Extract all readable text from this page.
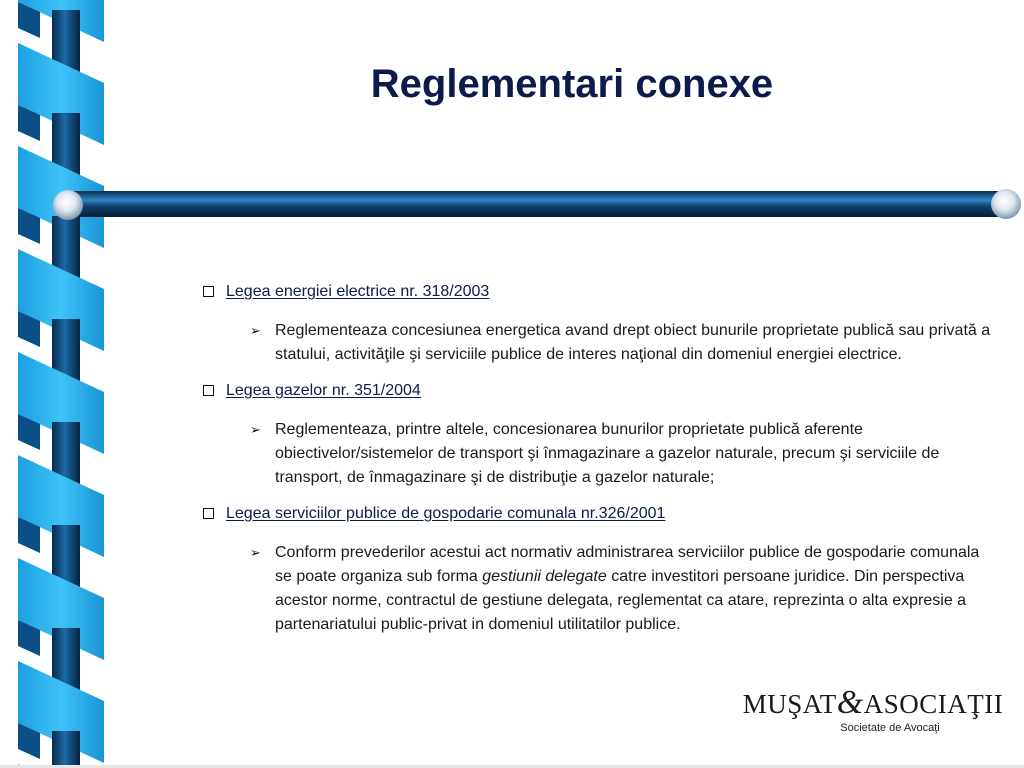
Reglementari conexe
Legea energiei electrice nr. 318/2003
➢ Reglementeaza concesiunea energetica avand drept obiect bunurile proprietate publică sau privată a statului, activităţile şi serviciile publice de interes naţional din domeniul energiei electrice.
Legea gazelor nr. 351/2004
➢ Reglementeaza, printre altele, concesionarea bunurilor proprietate publică aferente obiectivelor/sistemelor de transport şi înmagazinare a gazelor naturale, precum şi serviciile de transport, de înmagazinare şi de distribuţie a gazelor naturale;
Legea serviciilor publice de gospodarie comunala nr.326/2001
➢ Conform prevederilor acestui act normativ administrarea serviciilor publice de gospodarie comunala se poate organiza sub forma gestiunii delegate catre investitori persoane juridice. Din perspectiva acestor norme, contractul de gestiune delegata, reglementat ca atare, reprezinta o alta expresie a partenariatului public-privat in domeniul utilitatilor publice.
MUŞAT&ASOCIAŢII
Societate de Avocaţi
